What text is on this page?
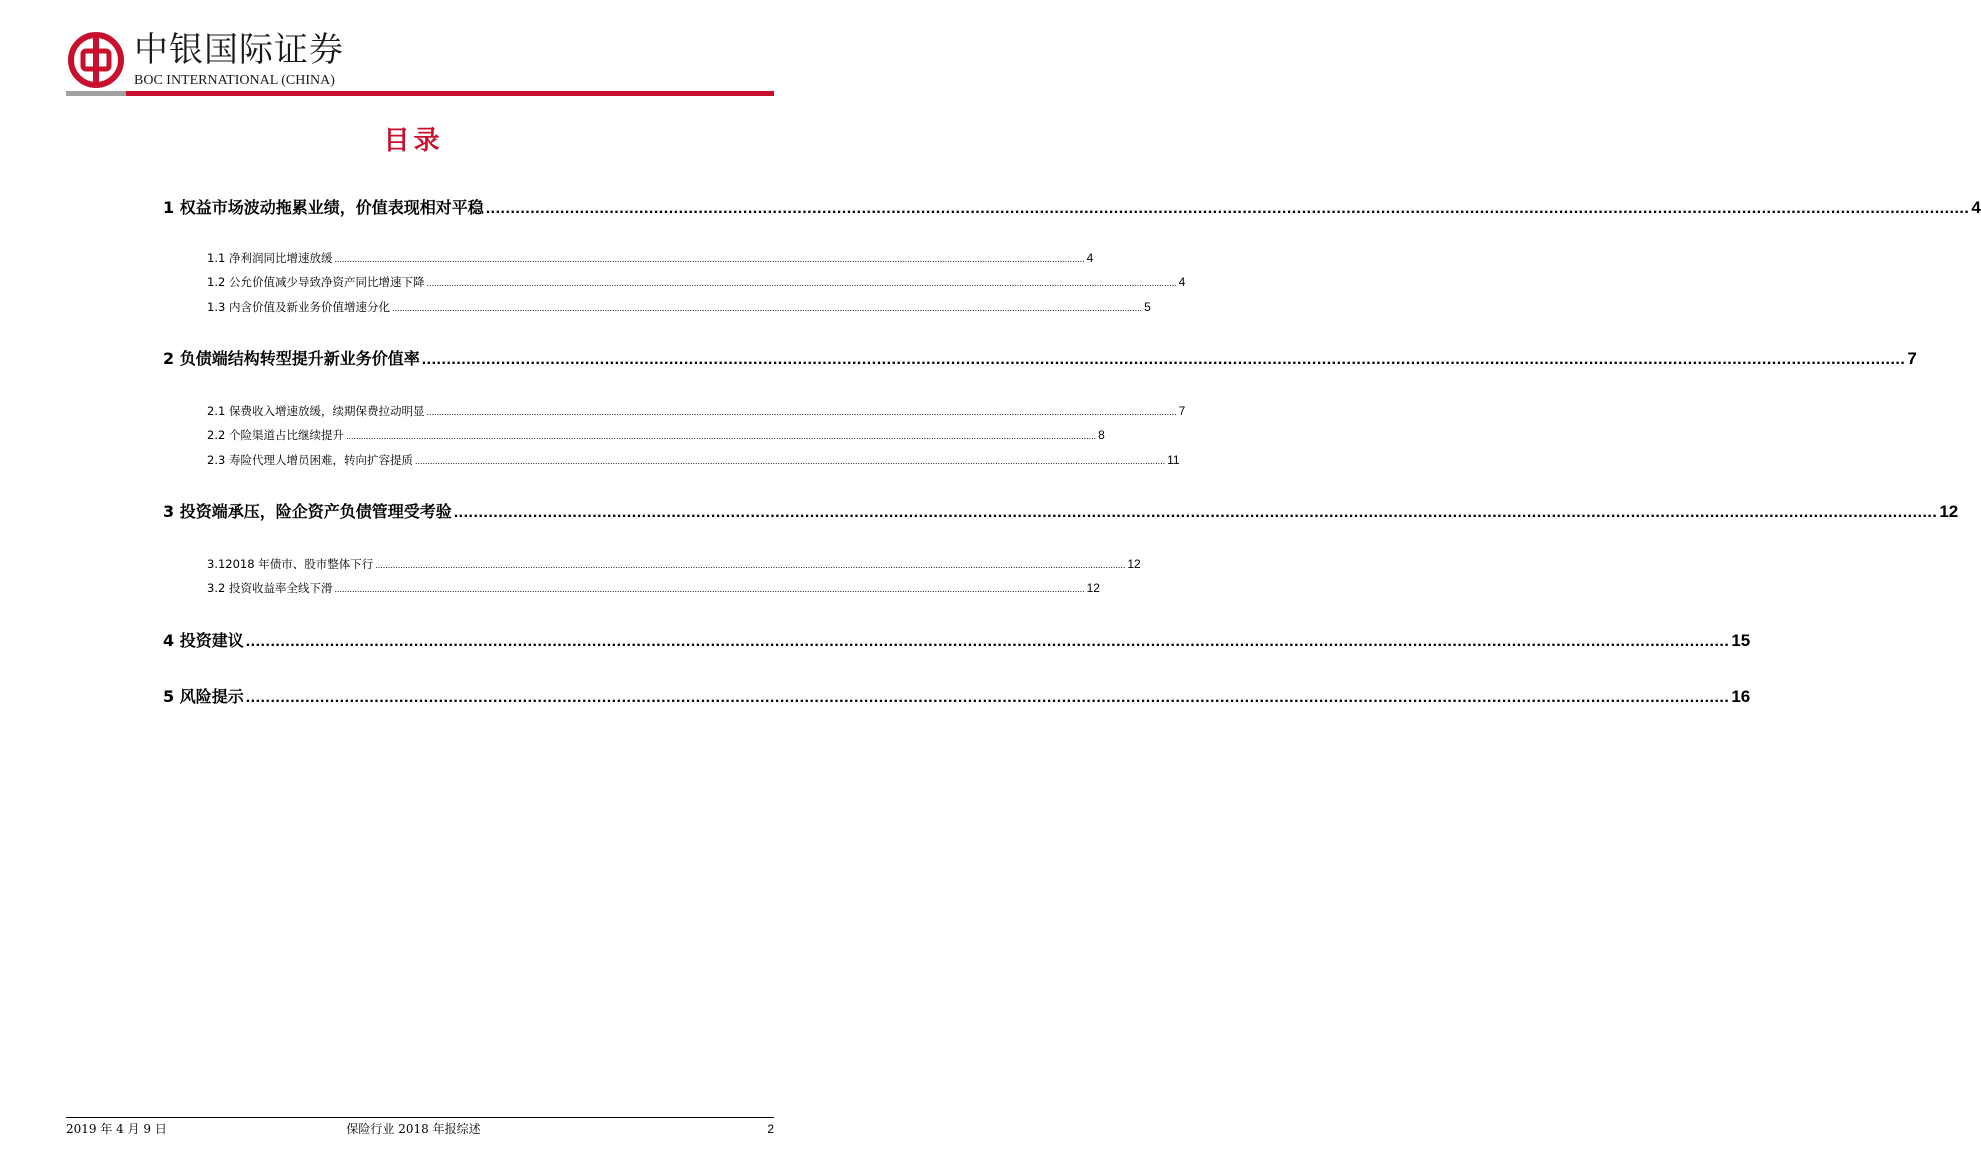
中银国际证券
BOC INTERNATIONAL (CHINA)
目录
1 权益市场波动拖累业绩，价值表现相对平稳 ............................................................................................................................................................................................................................................................................................................ 4
1.1 净利润同比增速放缓 ............................................................................................................................................................................................................................................................................................................ 4
1.2 公允价值减少导致净资产同比增速下降 ............................................................................................................................................................................................................................................................................................................ 4
1.3 内含价值及新业务价值增速分化 ............................................................................................................................................................................................................................................................................................................ 5
2 负债端结构转型提升新业务价值率 ............................................................................................................................................................................................................................................................................................................ 7
2.1 保费收入增速放缓，续期保费拉动明显 ............................................................................................................................................................................................................................................................................................................ 7
2.2 个险渠道占比继续提升 ............................................................................................................................................................................................................................................................................................................ 8
2.3 寿险代理人增员困难，转向扩容提质 ............................................................................................................................................................................................................................................................................................................ 11
3 投资端承压，险企资产负债管理受考验 ............................................................................................................................................................................................................................................................................................................ 12
3.12018 年债市、股市整体下行 ............................................................................................................................................................................................................................................................................................................ 12
3.2 投资收益率全线下滑 ............................................................................................................................................................................................................................................................................................................ 12
4 投资建议 ............................................................................................................................................................................................................................................................................................................ 15
5 风险提示 ............................................................................................................................................................................................................................................................................................................ 16
2019 年 4 月 9 日	保险行业 2018 年报综述	2
